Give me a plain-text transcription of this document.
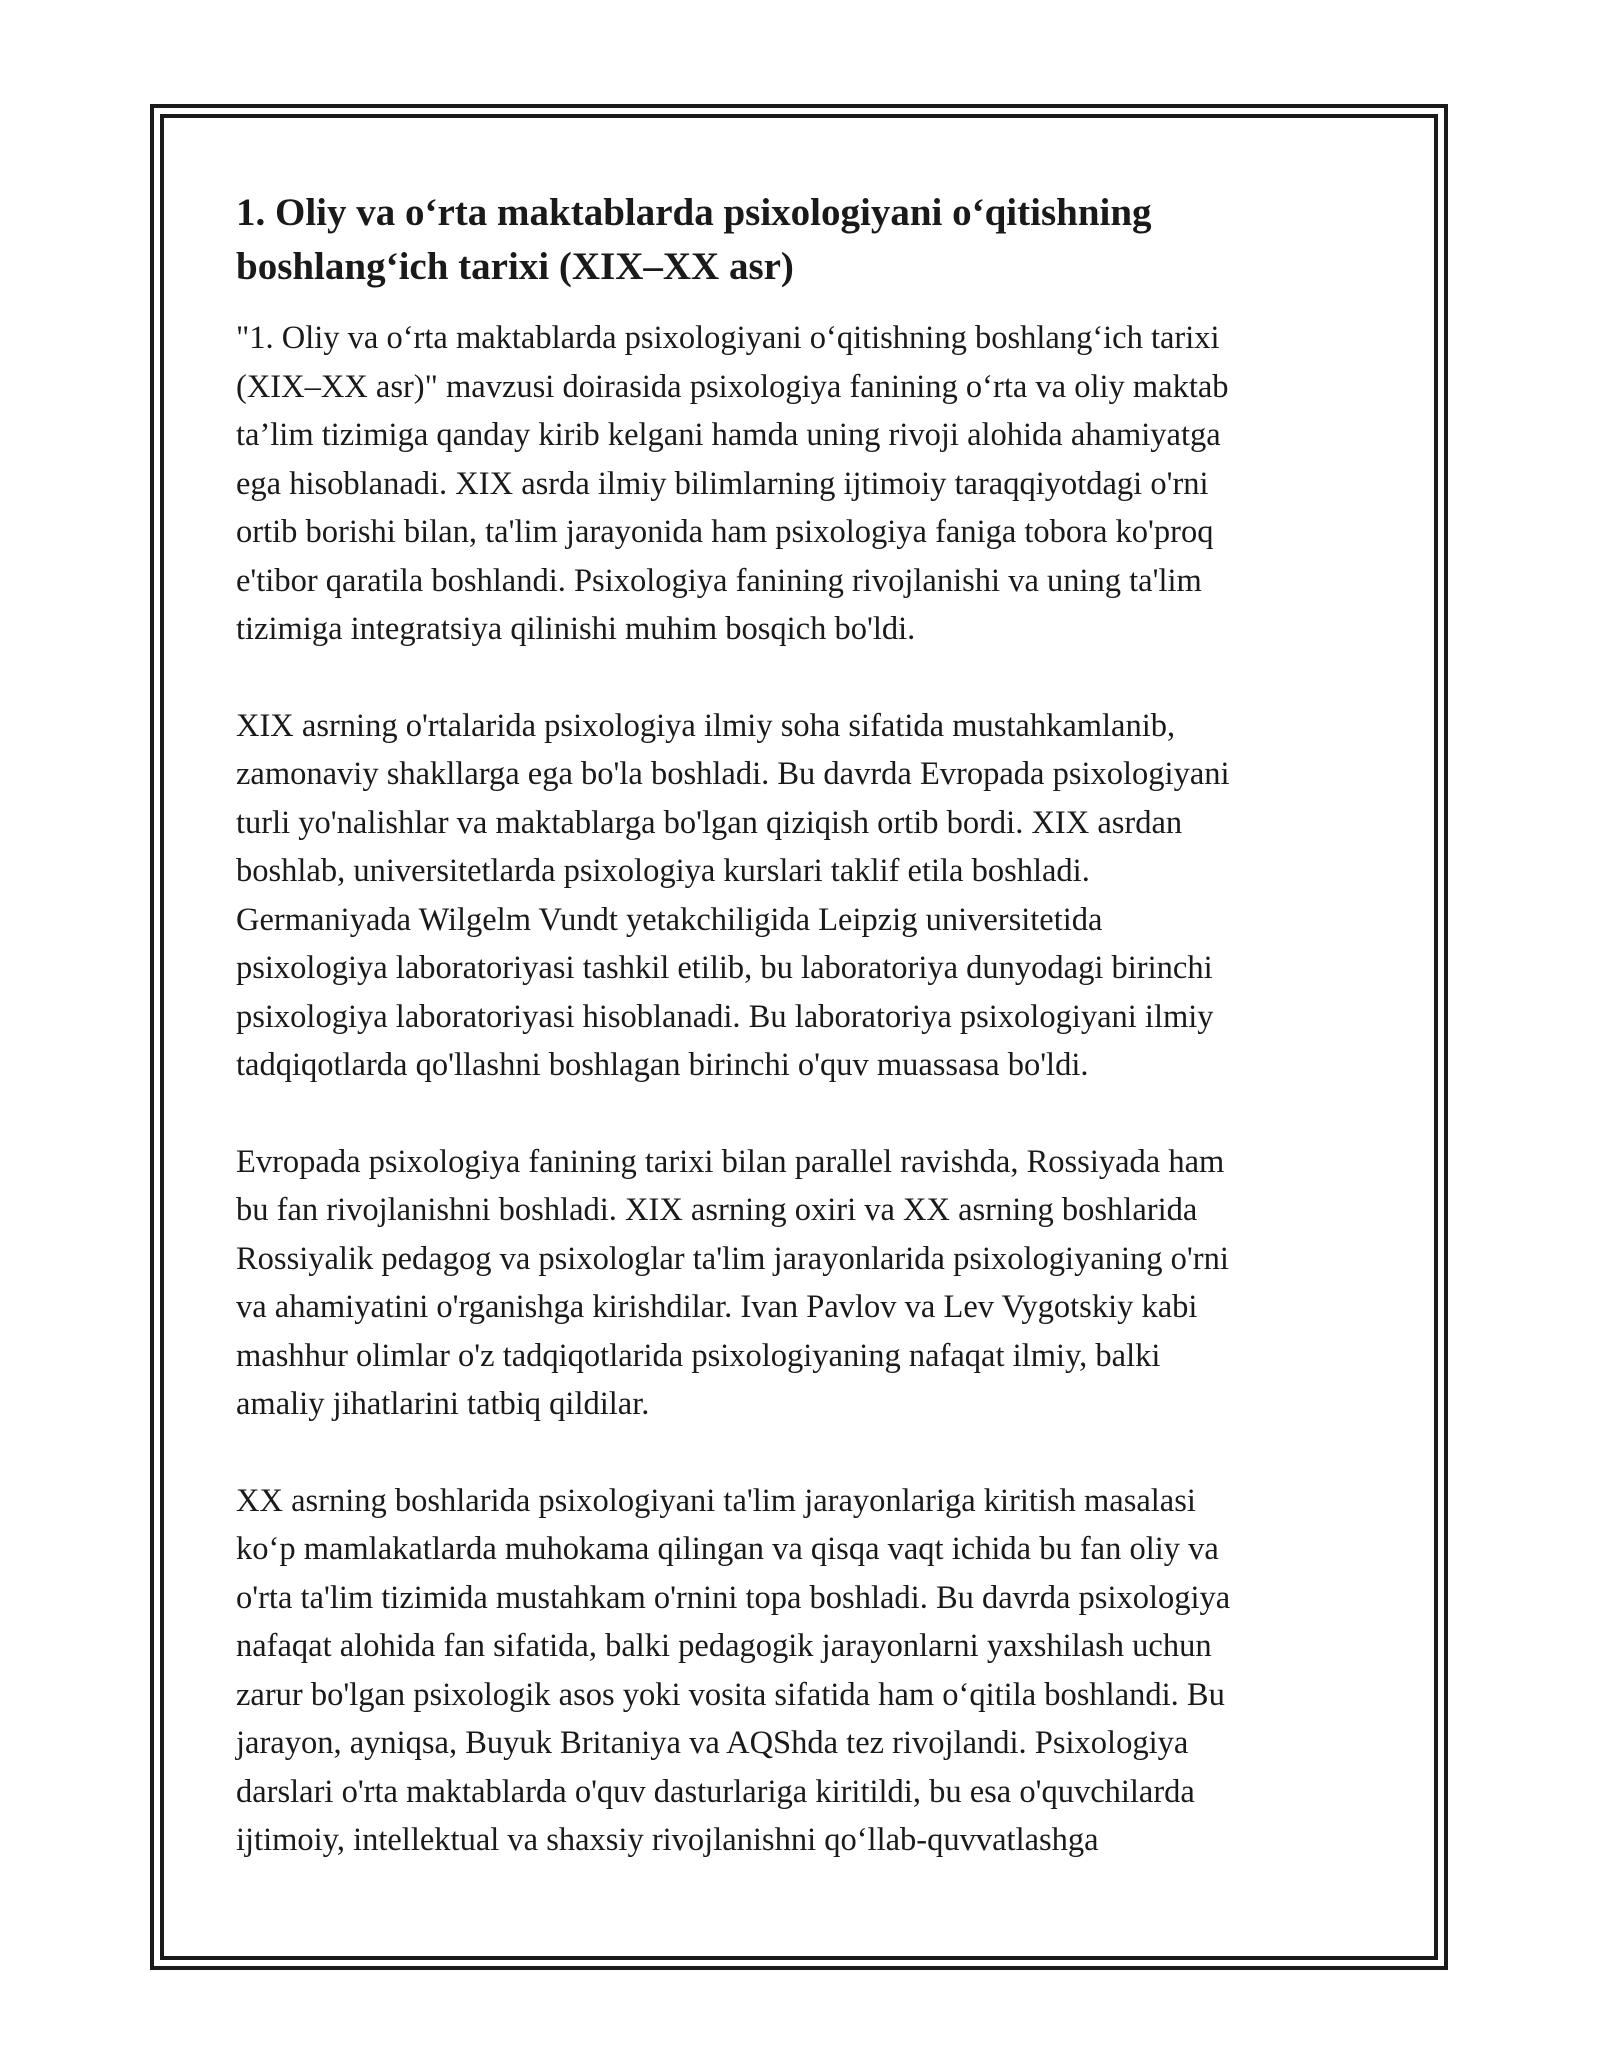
1. Oliy va o‘rta maktablarda psixologiyani o‘qitishning
boshlang‘ich tarixi (XIX–XX asr)

"1. Oliy va o‘rta maktablarda psixologiyani o‘qitishning boshlang‘ich tarixi
(XIX–XX asr)" mavzusi doirasida psixologiya fanining o‘rta va oliy maktab
ta’lim tizimiga qanday kirib kelgani hamda uning rivoji alohida ahamiyatga
ega hisoblanadi. XIX asrda ilmiy bilimlarning ijtimoiy taraqqiyotdagi o'rni
ortib borishi bilan, ta'lim jarayonida ham psixologiya faniga tobora ko'proq
e'tibor qaratila boshlandi. Psixologiya fanining rivojlanishi va uning ta'lim
tizimiga integratsiya qilinishi muhim bosqich bo'ldi.

XIX asrning o'rtalarida psixologiya ilmiy soha sifatida mustahkamlanib,
zamonaviy shakllarga ega bo'la boshladi. Bu davrda Evropada psixologiyani
turli yo'nalishlar va maktablarga bo'lgan qiziqish ortib bordi. XIX asrdan
boshlab, universitetlarda psixologiya kurslari taklif etila boshladi.
Germaniyada Wilgelm Vundt yetakchiligida Leipzig universitetida
psixologiya laboratoriyasi tashkil etilib, bu laboratoriya dunyodagi birinchi
psixologiya laboratoriyasi hisoblanadi. Bu laboratoriya psixologiyani ilmiy
tadqiqotlarda qo'llashni boshlagan birinchi o'quv muassasa bo'ldi.

Evropada psixologiya fanining tarixi bilan parallel ravishda, Rossiyada ham
bu fan rivojlanishni boshladi. XIX asrning oxiri va XX asrning boshlarida
Rossiyalik pedagog va psixologlar ta'lim jarayonlarida psixologiyaning o'rni
va ahamiyatini o'rganishga kirishdilar. Ivan Pavlov va Lev Vygotskiy kabi
mashhur olimlar o'z tadqiqotlarida psixologiyaning nafaqat ilmiy, balki
amaliy jihatlarini tatbiq qildilar.

XX asrning boshlarida psixologiyani ta'lim jarayonlariga kiritish masalasi
ko‘p mamlakatlarda muhokama qilingan va qisqa vaqt ichida bu fan oliy va
o'rta ta'lim tizimida mustahkam o'rnini topa boshladi. Bu davrda psixologiya
nafaqat alohida fan sifatida, balki pedagogik jarayonlarni yaxshilash uchun
zarur bo'lgan psixologik asos yoki vosita sifatida ham o‘qitila boshlandi. Bu
jarayon, ayniqsa, Buyuk Britaniya va AQShda tez rivojlandi. Psixologiya
darslari o'rta maktablarda o'quv dasturlariga kiritildi, bu esa o'quvchilarda
ijtimoiy, intellektual va shaxsiy rivojlanishni qo‘llab-quvvatlashga
